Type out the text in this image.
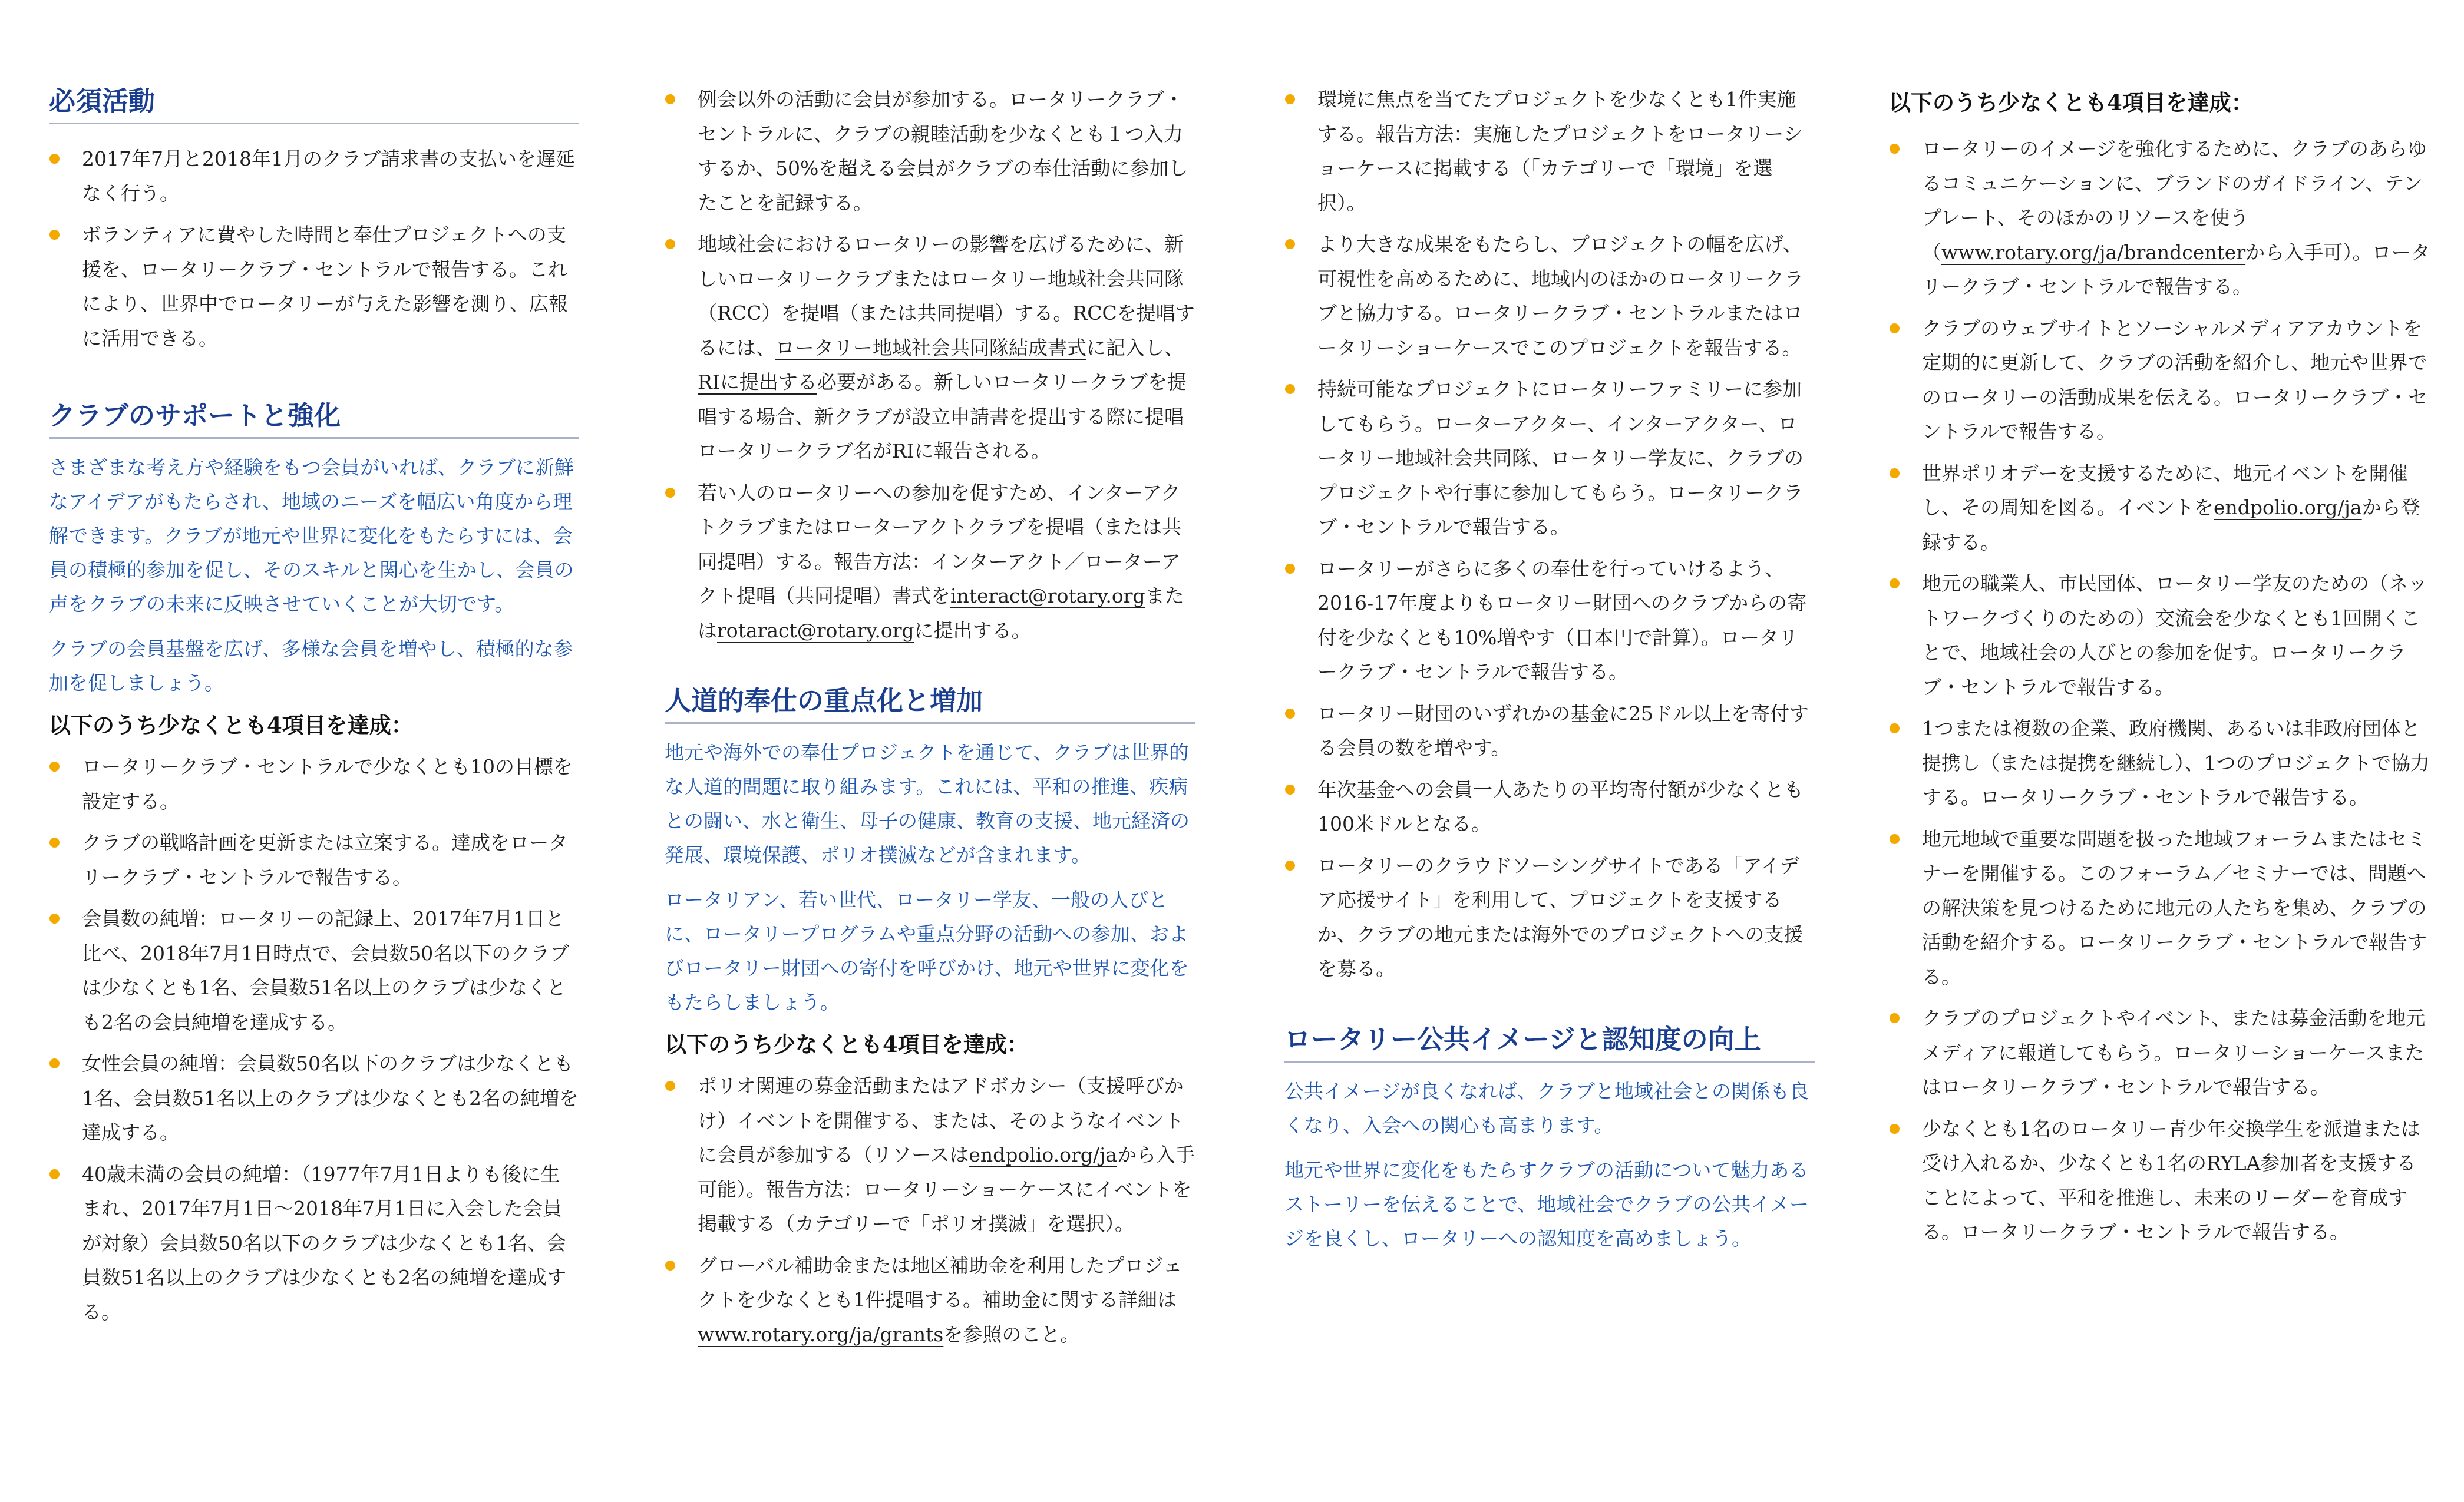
必須活動
2017年7月と2018年1月のクラブ請求書の支払いを遅延なく行う。
ボランティアに費やした時間と奉仕プロジェクトへの支援を、ロータリークラブ・セントラルで報告する。これにより、世界中でロータリーが与えた影響を測り、広報に活用できる。
クラブのサポートと強化

さまざまな考え方や経験をもつ会員がいれば、クラブに新鮮なアイデアがもたらされ、地域のニーズを幅広い角度から理解できます。クラブが地元や世界に変化をもたらすには、会員の積極的参加を促し、そのスキルと関心を生かし、会員の声をクラブの未来に反映させていくことが大切です。

クラブの会員基盤を広げ、多様な会員を増やし、積極的な参加を促しましょう。

以下のうち少なくとも4項目を達成：

ロータリークラブ・セントラルで少なくとも10の目標を設定する。
クラブの戦略計画を更新または立案する。達成をロータリークラブ・セントラルで報告する。
会員数の純増：ロータリーの記録上、2017年7月1日と比べ、2018年7月1日時点で、会員数50名以下のクラブは少なくとも1名、会員数51名以上のクラブは少なくとも2名の会員純増を達成する。
女性会員の純増：会員数50名以下のクラブは少なくとも1名、会員数51名以上のクラブは少なくとも2名の純増を達成する。
40歳未満の会員の純増：（1977年7月1日よりも後に生まれ、2017年7月1日〜2018年7月1日に入会した会員が対象）会員数50名以下のクラブは少なくとも1名、会員数51名以上のクラブは少なくとも2名の純増を達成する。
例会以外の活動に会員が参加する。ロータリークラブ・セントラルに、クラブの親睦活動を少なくとも１つ入力するか、50%を超える会員がクラブの奉仕活動に参加したことを記録する。
地域社会におけるロータリーの影響を広げるために、新しいロータリークラブまたはロータリー地域社会共同隊（RCC）を提唱（または共同提唱）する。RCCを提唱するには、ロータリー地域社会共同隊結成書式に記入し、RIに提出する必要がある。新しいロータリークラブを提唱する場合、新クラブが設立申請書を提出する際に提唱ロータリークラブ名がRIに報告される。
若い人のロータリーへの参加を促すため、インターアクトクラブまたはローターアクトクラブを提唱（または共同提唱）する。報告方法：インターアクト／ローターアクト提唱（共同提唱）書式をinteract@rotary.orgまたはrotaract@rotary.orgに提出する。
人道的奉仕の重点化と増加

地元や海外での奉仕プロジェクトを通じて、クラブは世界的な人道的問題に取り組みます。これには、平和の推進、疾病との闘い、水と衛生、母子の健康、教育の支援、地元経済の発展、環境保護、ポリオ撲滅などが含まれます。

ロータリアン、若い世代、ロータリー学友、一般の人びとに、ロータリープログラムや重点分野の活動への参加、およびロータリー財団への寄付を呼びかけ、地元や世界に変化をもたらしましょう。

以下のうち少なくとも4項目を達成：

ポリオ関連の募金活動またはアドボカシー（支援呼びかけ）イベントを開催する、または、そのようなイベントに会員が参加する（リソースはendpolio.org/jaから入手可能）。報告方法：ロータリーショーケースにイベントを掲載する（カテゴリーで「ポリオ撲滅」を選択）。
グローバル補助金または地区補助金を利用したプロジェクトを少なくとも1件提唱する。補助金に関する詳細はwww.rotary.org/ja/grantsを参照のこと。
環境に焦点を当てたプロジェクトを少なくとも1件実施する。報告方法：実施したプロジェクトをロータリーショーケースに掲載する（「カテゴリーで「環境」を選択）。
より大きな成果をもたらし、プロジェクトの幅を広げ、可視性を高めるために、地域内のほかのロータリークラブと協力する。ロータリークラブ・セントラルまたはロータリーショーケースでこのプロジェクトを報告する。
持続可能なプロジェクトにロータリーファミリーに参加してもらう。ローターアクター、インターアクター、ロータリー地域社会共同隊、ロータリー学友に、クラブのプロジェクトや行事に参加してもらう。ロータリークラブ・セントラルで報告する。
ロータリーがさらに多くの奉仕を行っていけるよう、2016-17年度よりもロータリー財団へのクラブからの寄付を少なくとも10%増やす（日本円で計算）。ロータリークラブ・セントラルで報告する。
ロータリー財団のいずれかの基金に25ドル以上を寄付する会員の数を増やす。
年次基金への会員一人あたりの平均寄付額が少なくとも100米ドルとなる。
ロータリーのクラウドソーシングサイトである「アイデア応援サイト」を利用して、プロジェクトを支援するか、クラブの地元または海外でのプロジェクトへの支援を募る。
ロータリー公共イメージと認知度の向上

公共イメージが良くなれば、クラブと地域社会との関係も良くなり、入会への関心も高まります。

地元や世界に変化をもたらすクラブの活動について魅力あるストーリーを伝えることで、地域社会でクラブの公共イメージを良くし、ロータリーへの認知度を高めましょう。

以下のうち少なくとも4項目を達成：

ロータリーのイメージを強化するために、クラブのあらゆるコミュニケーションに、ブランドのガイドライン、テンプレート、そのほかのリソースを使う（www.rotary.org/ja/brandcenterから入手可）。ロータリークラブ・セントラルで報告する。
クラブのウェブサイトとソーシャルメディアアカウントを定期的に更新して、クラブの活動を紹介し、地元や世界でのロータリーの活動成果を伝える。ロータリークラブ・セントラルで報告する。
世界ポリオデーを支援するために、地元イベントを開催し、その周知を図る。イベントをendpolio.org/jaから登録する。
地元の職業人、市民団体、ロータリー学友のための（ネットワークづくりのための）交流会を少なくとも1回開くことで、地域社会の人びとの参加を促す。ロータリークラブ・セントラルで報告する。
1つまたは複数の企業、政府機関、あるいは非政府団体と提携し（または提携を継続し）、1つのプロジェクトで協力する。ロータリークラブ・セントラルで報告する。
地元地域で重要な問題を扱った地域フォーラムまたはセミナーを開催する。このフォーラム／セミナーでは、問題への解決策を見つけるために地元の人たちを集め、クラブの活動を紹介する。ロータリークラブ・セントラルで報告する。
クラブのプロジェクトやイベント、または募金活動を地元メディアに報道してもらう。ロータリーショーケースまたはロータリークラブ・セントラルで報告する。
少なくとも1名のロータリー青少年交換学生を派遣または受け入れるか、少なくとも1名のRYLA参加者を支援することによって、平和を推進し、未来のリーダーを育成する。ロータリークラブ・セントラルで報告する。
